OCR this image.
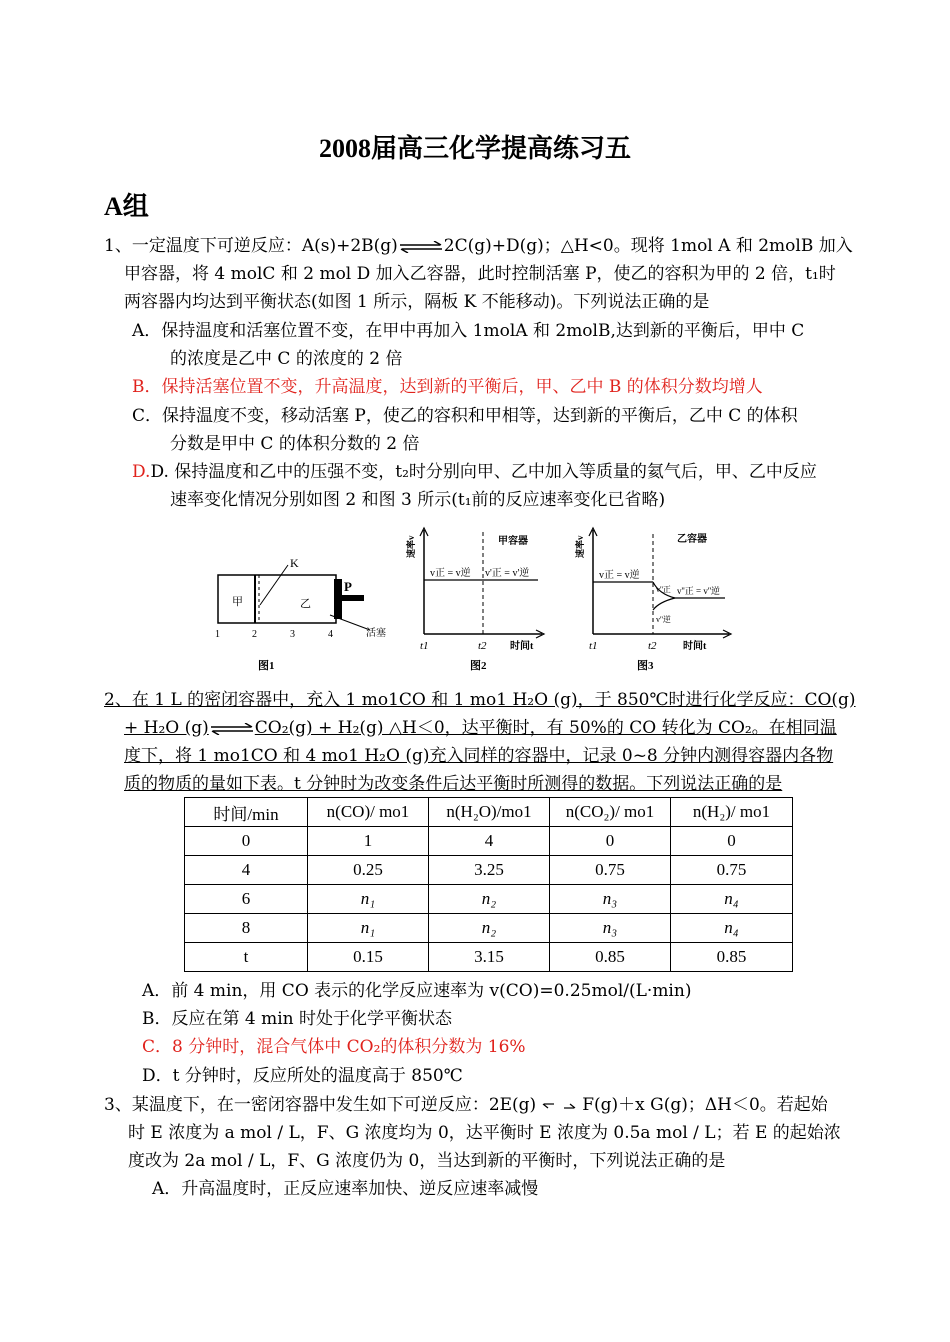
2008届高三化学提高练习五
A组
1、一定温度下可逆反应：A(s)+2B(g)⇌2C(g)+D(g)；△H<0。现将 1mol A 和 2molB 加入
甲容器，将 4 molC 和 2 mol D 加入乙容器，此时控制活塞 P，使乙的容积为甲的 2 倍，t₁时
两容器内均达到平衡状态(如图 1 所示，隔板 K 不能移动)。下列说法正确的是
A．保持温度和活塞位置不变，在甲中再加入 1molA 和 2molB,达到新的平衡后，甲中 C
的浓度是乙中 C 的浓度的 2 倍
B．保持活塞位置不变，升高温度，达到新的平衡后，甲、乙中 B 的体积分数均增人
C．保持温度不变，移动活塞 P，使乙的容积和甲相等，达到新的平衡后，乙中 C 的体积
分数是甲中 C 的体积分数的 2 倍
D.D. 保持温度和乙中的压强不变，t₂时分别向甲、乙中加入等质量的氦气后，甲、乙中反应
速率变化情况分别如图 2 和图 3 所示(t₁前的反应速率变化已省略)
甲	乙
K
P
活塞
1	2	3	4
图1
甲容器
速率v
v正 = v逆 v'正 = v'逆
t1	t2 时间t
图2
乙容器
速率v
v正 = v逆
v''正 v''正 = v''逆
v''逆
t1	t2	时间t
图3
2、在 1 L 的密闭容器中，充入 1 mo1CO 和 1 mo1 H₂O (g)，于 850℃时进行化学反应：CO(g)
+ H₂O (g)⇌CO₂(g) + H₂(g) △H＜0，达平衡时，有 50%的 CO 转化为 CO₂。在相同温
度下，将 1 mo1CO 和 4 mo1 H₂O (g)充入同样的容器中，记录 0~8 分钟内测得容器内各物
质的物质的量如下表。t 分钟时为改变条件后达平衡时所测得的数据。下列说法正确的是
时间/min	n(CO)/ mo1	n(H₂O)/mo1	n(CO₂)/ mo1	n(H₂)/ mo1
0	1	4	0	0
4	0.25	3.25	0.75	0.75
6	n₁	n₂	n₃	n₄
8	n₁	n₂	n₃	n₄
t	0.15	3.15	0.85	0.85
A．前 4 min，用 CO 表示的化学反应速率为 v(CO)=0.25mol/(L·min)
B．反应在第 4 min 时处于化学平衡状态
C．8 分钟时，混合气体中 CO₂的体积分数为 16%
D．t 分钟时，反应所处的温度高于 850℃
3、某温度下，在一密闭容器中发生如下可逆反应：2E(g)	F(g)＋x G(g)；ΔH＜0。若起始
时 E 浓度为 a mol / L，F、G 浓度均为 0，达平衡时 E 浓度为 0.5a mol / L；若 E 的起始浓
度改为 2a mol / L，F、G 浓度仍为 0，当达到新的平衡时，下列说法正确的是
A．升高温度时，正反应速率加快、逆反应速率减慢
